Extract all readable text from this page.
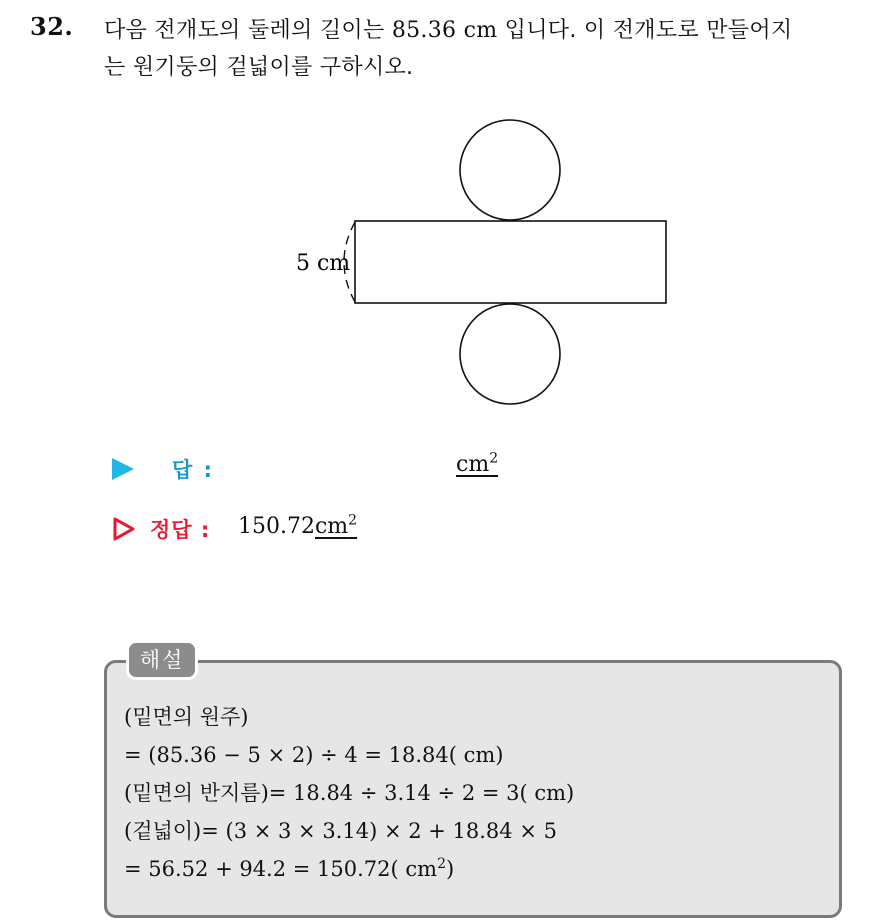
32. 다음 전개도의 둘레의 길이는 85.36 cm 입니다. 이 전개도로 만들어지
는 원기둥의 겉넓이를 구하시오.
5 cm
답 :	$cm^2$
정답 : $150.72cm^2$
해설
(밑면의 원주)
= (85.36 − 5 × 2) ÷ 4 = 18.84( cm)
(밑면의 반지름)= 18.84 ÷ 3.14 ÷ 2 = 3( cm)
(겉넓이)= (3 × 3 × 3.14) × 2 + 18.84 × 5
= 56.52 + 94.2 = 150.72( $cm^2$)
